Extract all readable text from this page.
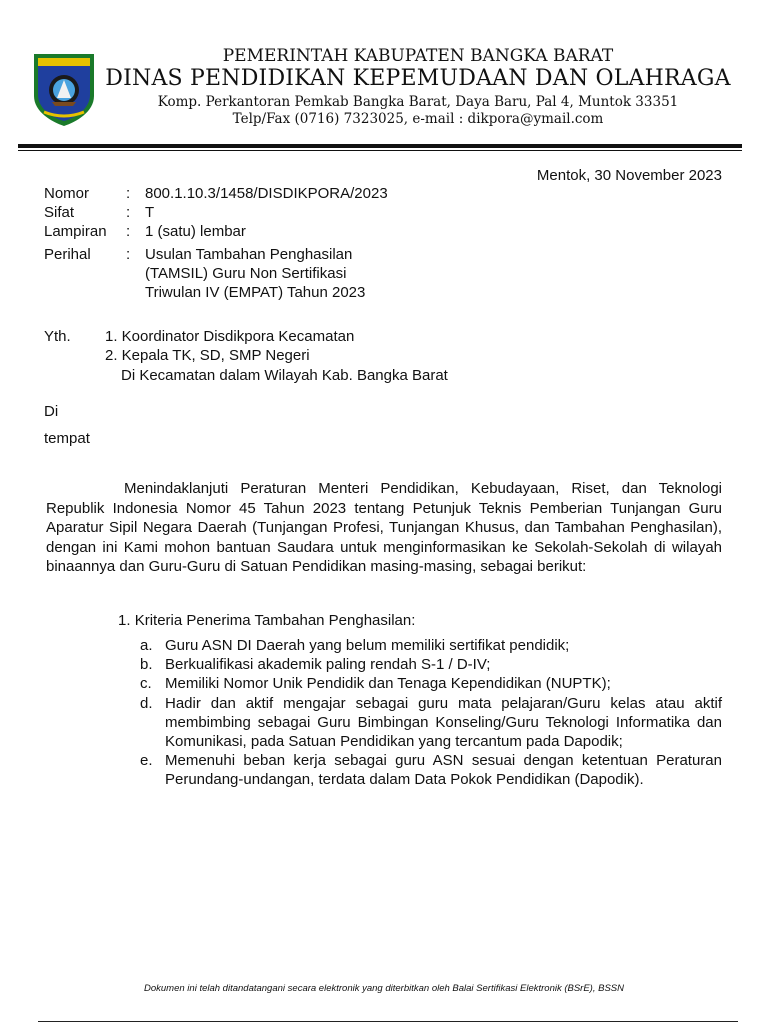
PEMERINTAH KABUPATEN BANGKA BARAT
DINAS PENDIDIKAN KEPEMUDAAN DAN OLAHRAGA
Komp. Perkantoran Pemkab Bangka Barat, Daya Baru, Pal 4, Muntok 33351
Telp/Fax (0716) 7323025, e-mail : dikpora@ymail.com
Mentok, 30 November 2023
Nomor	: 800.1.10.3/1458/DISDIKPORA/2023
Sifat	: T
Lampiran	: 1 (satu) lembar
Perihal	: Usulan Tambahan Penghasilan
(TAMSIL) Guru Non Sertifikasi
Triwulan IV (EMPAT) Tahun 2023
Yth. 1. Koordinator Disdikpora Kecamatan
2. Kepala TK, SD, SMP Negeri
Di Kecamatan dalam Wilayah Kab. Bangka Barat
Di
tempat

Menindaklanjuti Peraturan Menteri Pendidikan, Kebudayaan, Riset, dan Teknologi Republik Indonesia Nomor 45 Tahun 2023 tentang Petunjuk Teknis Pemberian Tunjangan Guru Aparatur Sipil Negara Daerah (Tunjangan Profesi, Tunjangan Khusus, dan Tambahan Penghasilan), dengan ini Kami mohon bantuan Saudara untuk menginformasikan ke Sekolah-Sekolah di wilayah binaannya dan Guru-Guru di Satuan Pendidikan masing-masing, sebagai berikut:

1. Kriteria Penerima Tambahan Penghasilan:
a. Guru ASN DI Daerah yang belum memiliki sertifikat pendidik;
b. Berkualifikasi akademik paling rendah S-1 / D-IV;
c. Memiliki Nomor Unik Pendidik dan Tenaga Kependidikan (NUPTK);
d. Hadir dan aktif mengajar sebagai guru mata pelajaran/Guru kelas atau aktif membimbing sebagai Guru Bimbingan Konseling/Guru Teknologi Informatika dan Komunikasi, pada Satuan Pendidikan yang tercantum pada Dapodik;
e. Memenuhi beban kerja sebagai guru ASN sesuai dengan ketentuan Peraturan Perundang-undangan, terdata dalam Data Pokok Pendidikan (Dapodik).
Dokumen ini telah ditandatangani secara elektronik yang diterbitkan oleh Balai Sertifikasi Elektronik (BSrE), BSSN
